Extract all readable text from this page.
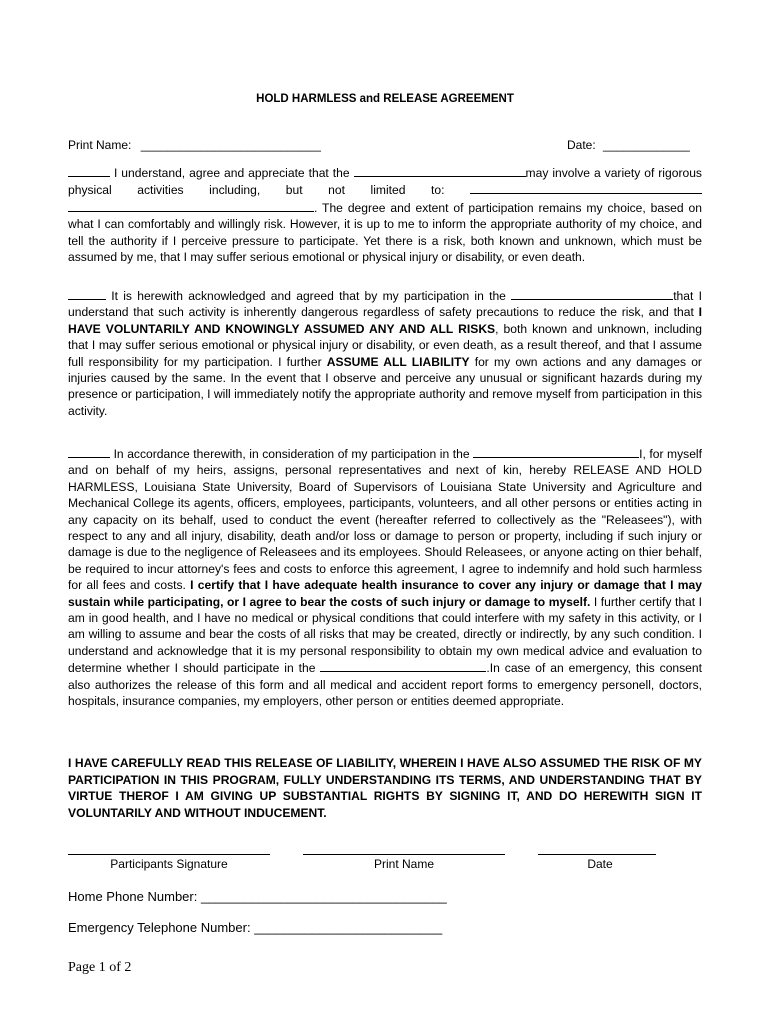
HOLD HARMLESS and RELEASE AGREEMENT
Print Name: ___________________________	Date: _____________

I understand, agree and appreciate that the	may involve a variety of rigorous physical activities including, but not limited to:  . The degree and extent of participation remains my choice, based on what I can comfortably and willingly risk. However, it is up to me to inform the appropriate authority of my choice, and tell the authority if I perceive pressure to participate. Yet there is a risk, both known and unknown, which must be assumed by me, that I may suffer serious emotional or physical injury or disability, or even death.

It is herewith acknowledged and agreed that by my participation in the	that I understand that such activity is inherently dangerous regardless of safety precautions to reduce the risk, and that I HAVE VOLUNTARILY AND KNOWINGLY ASSUMED ANY AND ALL RISKS, both known and unknown, including that I may suffer serious emotional or physical injury or disability, or even death, as a result thereof, and that I assume full responsibility for my participation. I further ASSUME ALL LIABILITY for my own actions and any damages or injuries caused by the same. In the event that I observe and perceive any unusual or significant hazards during my presence or participation, I will immediately notify the appropriate authority and remove myself from participation in this activity.

In accordance therewith, in consideration of my participation in the	I, for myself and on behalf of my heirs, assigns, personal representatives and next of kin, hereby RELEASE AND HOLD HARMLESS, Louisiana State University, Board of Supervisors of Louisiana State University and Agriculture and Mechanical College its agents, officers, employees, participants, volunteers, and all other persons or entities acting in any capacity on its behalf, used to conduct the event (hereafter referred to collectively as the "Releasees"), with respect to any and all injury, disability, death and/or loss or damage to person or property, including if such injury or damage is due to the negligence of Releasees and its employees. Should Releasees, or anyone acting on thier behalf, be required to incur attorney's fees and costs to enforce this agreement, I agree to indemnify and hold such harmless for all fees and costs. I certify that I have adequate health insurance to cover any injury or damage that I may sustain while participating, or I agree to bear the costs of such injury or damage to myself. I further certify that I am in good health, and I have no medical or physical conditions that could interfere with my safety in this activity, or I am willing to assume and bear the costs of all risks that may be created, directly or indirectly, by any such condition. I understand and acknowledge that it is my personal responsibility to obtain my own medical advice and evaluation to determine whether I should participate in the	.In case of an emergency, this consent also authorizes the release of this form and all medical and accident report forms to emergency personell, doctors, hospitals, insurance companies, my employers, other person or entities deemed appropriate.

I HAVE CAREFULLY READ THIS RELEASE OF LIABILITY, WHEREIN I HAVE ALSO ASSUMED THE RISK OF MY PARTICIPATION IN THIS PROGRAM, FULLY UNDERSTANDING ITS TERMS, AND UNDERSTANDING THAT BY VIRTUE THEROF I AM GIVING UP SUBSTANTIAL RIGHTS BY SIGNING IT, AND DO HEREWITH SIGN IT VOLUNTARILY AND WITHOUT INDUCEMENT.
Participants Signature	Print Name	Date
Home Phone Number: __________________________________
Emergency Telephone Number: __________________________
Page 1 of 2
